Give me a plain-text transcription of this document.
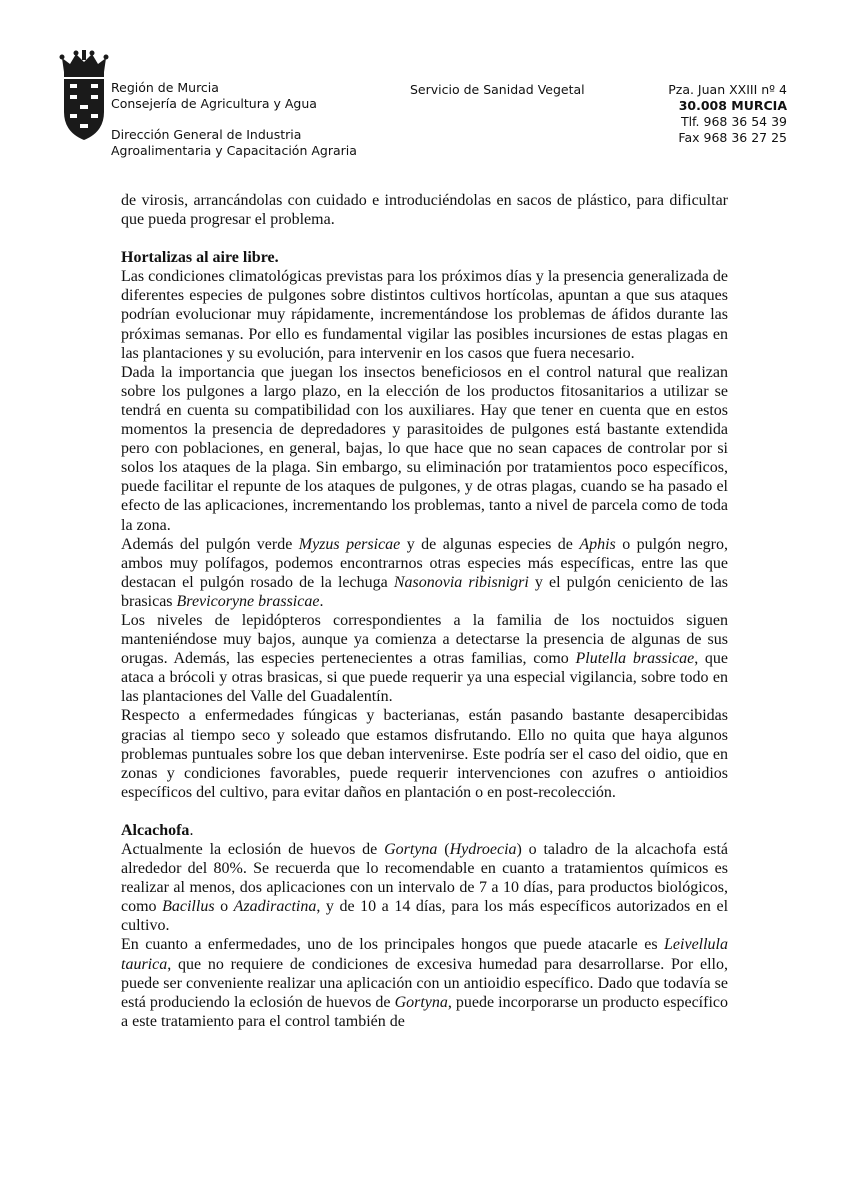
Región de Murcia
Consejería de Agricultura y Agua
Dirección General de Industria
Agroalimentaria y Capacitación Agraria
Servicio de Sanidad Vegetal	Pza. Juan XXIII nº 4
30.008 MURCIA
Tlf. 968 36 54 39
Fax 968 36 27 25

de virosis, arrancándolas con cuidado e introduciéndolas en sacos de plástico, para dificultar que pueda progresar el problema.

Hortalizas al aire libre.

Las condiciones climatológicas previstas para los próximos días y la presencia generalizada de diferentes especies de pulgones sobre distintos cultivos hortícolas, apuntan a que sus ataques podrían evolucionar muy rápidamente, incrementándose los problemas de áfidos durante las próximas semanas. Por ello es fundamental vigilar las posibles incursiones de estas plagas en las plantaciones y su evolución, para intervenir en los casos que fuera necesario.

Dada la importancia que juegan los insectos beneficiosos en el control natural que realizan sobre los pulgones a largo plazo, en la elección de los productos fitosanitarios a utilizar se tendrá en cuenta su compatibilidad con los auxiliares. Hay que tener en cuenta que en estos momentos la presencia de depredadores y parasitoides de pulgones está bastante extendida pero con poblaciones, en general, bajas, lo que hace que no sean capaces de controlar por si solos los ataques de la plaga. Sin embargo, su eliminación por tratamientos poco específicos, puede facilitar el repunte de los ataques de pulgones, y de otras plagas, cuando se ha pasado el efecto de las aplicaciones, incrementando los problemas, tanto a nivel de parcela como de toda la zona.

Además del pulgón verde Myzus persicae y de algunas especies de Aphis o pulgón negro, ambos muy polífagos, podemos encontrarnos otras especies más específicas, entre las que destacan el pulgón rosado de la lechuga Nasonovia ribisnigri y el pulgón ceniciento de las brasicas Brevicoryne brassicae.

Los niveles de lepidópteros correspondientes a la familia de los noctuidos siguen manteniéndose muy bajos, aunque ya comienza a detectarse la presencia de algunas de sus orugas. Además, las especies pertenecientes a otras familias, como Plutella brassicae, que ataca a brócoli y otras brasicas, si que puede requerir ya una especial vigilancia, sobre todo en las plantaciones del Valle del Guadalentín.

Respecto a enfermedades fúngicas y bacterianas, están pasando bastante desapercibidas gracias al tiempo seco y soleado que estamos disfrutando. Ello no quita que haya algunos problemas puntuales sobre los que deban intervenirse. Este podría ser el caso del oidio, que en zonas y condiciones favorables, puede requerir intervenciones con azufres o antioidios específicos del cultivo, para evitar daños en plantación o en post-recolección.

Alcachofa.

Actualmente la eclosión de huevos de Gortyna (Hydroecia) o taladro de la alcachofa está alrededor del 80%. Se recuerda que lo recomendable en cuanto a tratamientos químicos es realizar al menos, dos aplicaciones con un intervalo de 7 a 10 días, para productos biológicos, como Bacillus o Azadiractina, y de 10 a 14 días, para los más específicos autorizados en el cultivo.

En cuanto a enfermedades, uno de los principales hongos que puede atacarle es Leivellula taurica, que no requiere de condiciones de excesiva humedad para desarrollarse. Por ello, puede ser conveniente realizar una aplicación con un antioidio específico. Dado que todavía se está produciendo la eclosión de huevos de Gortyna, puede incorporarse un producto específico a este tratamiento para el control también de
